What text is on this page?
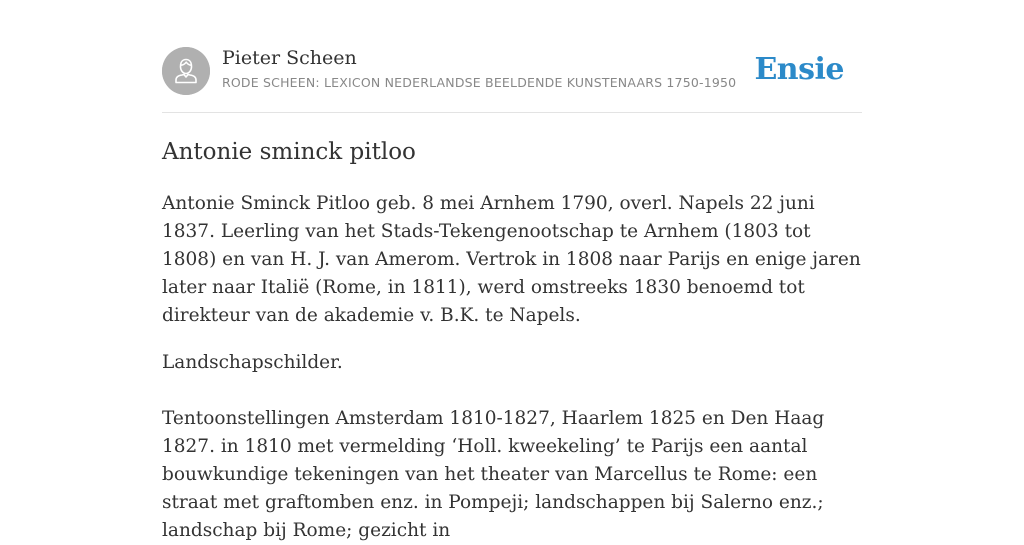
Pieter Scheen
RODE SCHEEN: LEXICON NEDERLANDSE BEELDENDE KUNSTENAARS 1750-1950 Ensie
Antonie sminck pitloo

Antonie Sminck Pitloo geb. 8 mei Arnhem 1790, overl. Napels 22 juni 1837. Leerling van het Stads-Tekengenootschap te Arnhem (1803 tot 1808) en van H. J. van Amerom. Vertrok in 1808 naar Parijs en enige jaren later naar Italië (Rome, in 1811), werd omstreeks 1830 benoemd tot direkteur van de akademie v. B.K. te Napels.

Landschapschilder.

Tentoonstellingen Amsterdam 1810-1827, Haarlem 1825 en Den Haag 1827. in 1810 met vermelding ‘Holl. kweekeling’ te Parijs een aantal bouwkundige tekeningen van het theater van Marcellus te Rome: een straat met graftomben enz. in Pompeji; landschappen bij Salerno enz.; landschap bij Rome; gezicht in
